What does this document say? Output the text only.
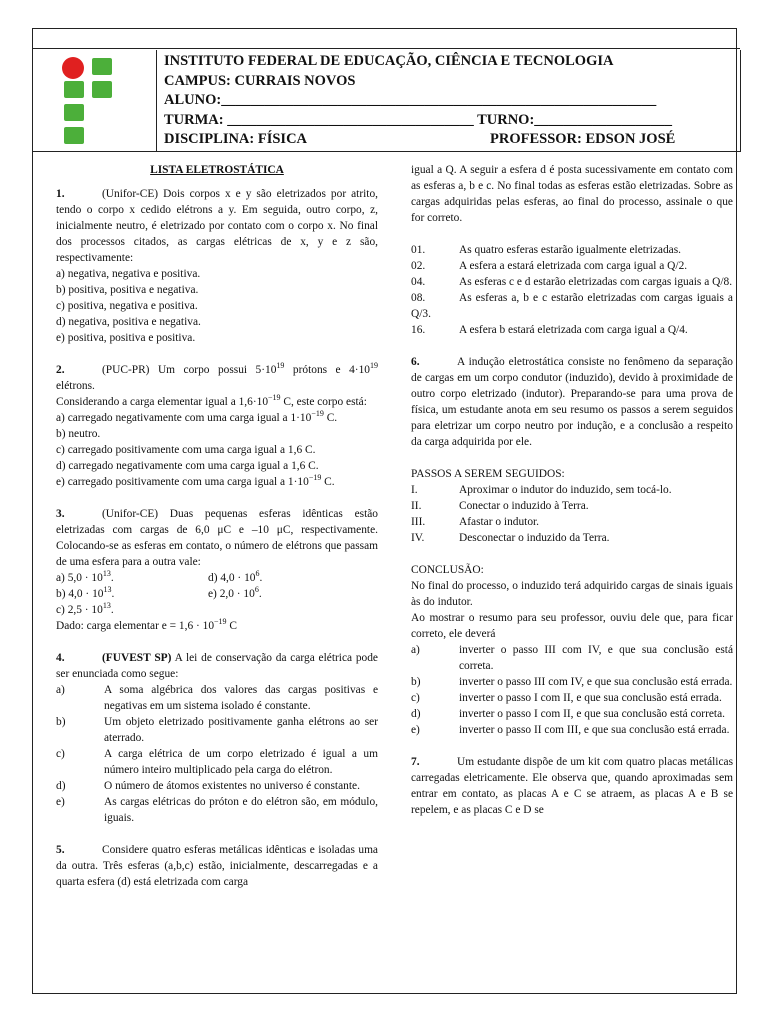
INSTITUTO FEDERAL DE EDUCAÇÃO, CIÊNCIA E TECNOLOGIA
CAMPUS: CURRAIS NOVOS
ALUNO:____________________________________________________________
TURMA: __________________________________ TURNO:___________________
DISCIPLINA: FÍSICA	PROFESSOR: EDSON JOSÉ

LISTA ELETROSTÁTICA

1.	(Unifor-CE) Dois corpos x e y são eletrizados por atrito, tendo o corpo x cedido elétrons a y. Em seguida, outro corpo, z, inicialmente neutro, é eletrizado por contato com o corpo x. No final dos processos citados, as cargas elétricas de x, y e z são, respectivamente:

a) negativa, negativa e positiva.

b) positiva, positiva e negativa.

c) positiva, negativa e positiva.

d) negativa, positiva e negativa.

e) positiva, positiva e positiva.

2.	(PUC-PR) Um corpo possui $5\cdot 10^{19}$ prótons e $4\cdot 10^{19}$ elétrons.

Considerando a carga elementar igual a $1,6\cdot 10^{-19}$ C, este corpo está:

a) carregado negativamente com uma carga igual a $1\cdot 10^{-19}$ C.

b) neutro.

c) carregado positivamente com uma carga igual a 1,6 C.

d) carregado negativamente com uma carga igual a 1,6 C.

e) carregado positivamente com uma carga igual a $1\cdot 10^{-19}$ C.

3.	(Unifor-CE) Duas pequenas esferas idênticas estão eletrizadas com cargas de 6,0 μC e –10 μC, respectivamente. Colocando-se as esferas em contato, o número de elétrons que passam de uma esfera para a outra vale:

a) $5,0 \cdot 10^{13}$.	d) $4,0 \cdot 10^6$.
b) $4,0 \cdot 10^{13}$.	e) $2,0 \cdot 10^6$.

c) $2,5 \cdot 10^{13}$.

Dado: carga elementar $e = 1,6 \cdot 10^{-19}$ C

4.	(FUVEST SP) A lei de conservação da carga elétrica pode ser enunciada como segue:

a)	A soma algébrica dos valores das cargas positivas e negativas em um sistema isolado é constante.
b)	Um objeto eletrizado positivamente ganha elétrons ao ser aterrado.
c)	A carga elétrica de um corpo eletrizado é igual a um número inteiro multiplicado pela carga do elétron.
d)	O número de átomos existentes no universo é constante.
e)	As cargas elétricas do próton e do elétron são, em módulo, iguais.

5.	Considere quatro esferas metálicas idênticas e isoladas uma da outra. Três esferas (a,b,c) estão, inicialmente, descarregadas e a quarta esfera (d) está eletrizada com carga

igual a Q. A seguir a esfera d é posta sucessivamente em contato com as esferas a, b e c. No final todas as esferas estão eletrizadas. Sobre as cargas adquiridas pelas esferas, ao final do processo, assinale o que for correto.

01.	As quatro esferas estarão igualmente eletrizadas.
02.	A esfera a estará eletrizada com carga igual a Q/2.
04.	As esferas c e d estarão eletrizadas com cargas iguais a Q/8.
08.	As esferas a, b e c estarão eletrizadas com cargas iguais a Q/3.
16.	A esfera b estará eletrizada com carga igual a Q/4.

6.	A indução eletrostática consiste no fenômeno da separação de cargas em um corpo condutor (induzido), devido à proximidade de outro corpo eletrizado (indutor). Preparando-se para uma prova de física, um estudante anota em seu resumo os passos a serem seguidos para eletrizar um corpo neutro por indução, e a conclusão a respeito da carga adquirida por ele.

PASSOS A SEREM SEGUIDOS:

I.	Aproximar o indutor do induzido, sem tocá-lo.
II.	Conectar o induzido à Terra.
III.	Afastar o indutor.
IV.	Desconectar o induzido da Terra.

CONCLUSÃO:

No final do processo, o induzido terá adquirido cargas de sinais iguais às do indutor.

Ao mostrar o resumo para seu professor, ouviu dele que, para ficar correto, ele deverá

a)	inverter o passo III com IV, e que sua conclusão está correta.
b)	inverter o passo III com IV, e que sua conclusão está errada.
c)	inverter o passo I com II, e que sua conclusão está errada.
d)	inverter o passo I com II, e que sua conclusão está correta.
e)	inverter o passo II com III, e que sua conclusão está errada.

7.	Um estudante dispõe de um kit com quatro placas metálicas carregadas eletricamente. Ele observa que, quando aproximadas sem entrar em contato, as placas A e C se atraem, as placas A e B se repelem, e as placas C e D se
